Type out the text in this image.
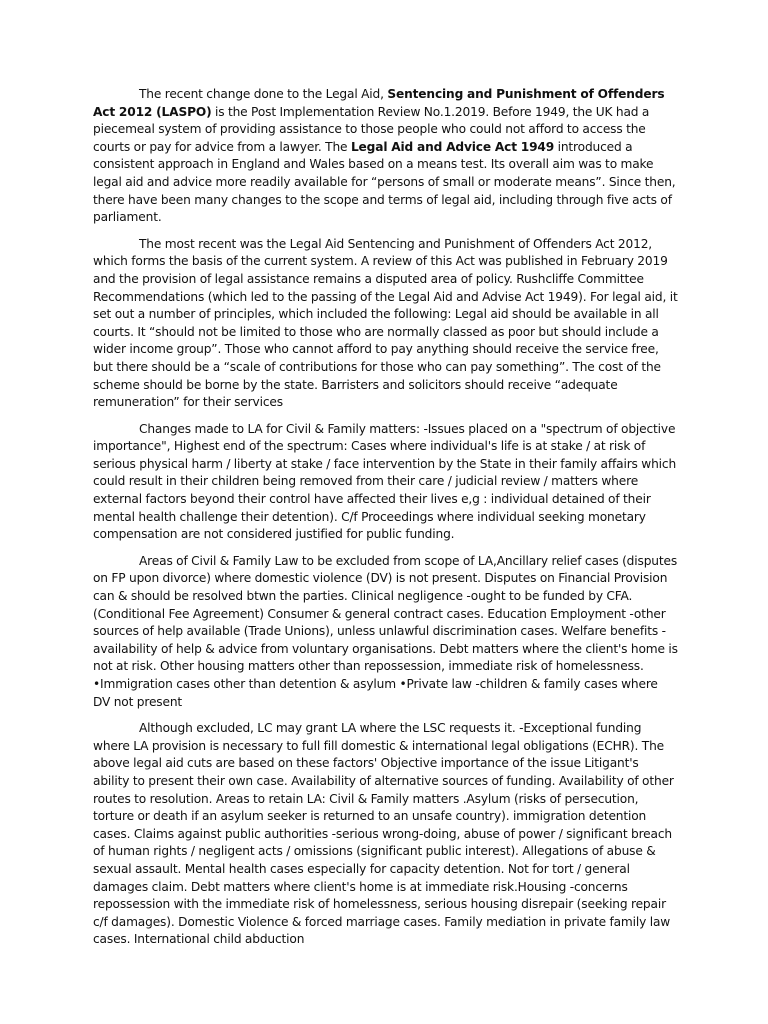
The recent change done to the Legal Aid, Sentencing and Punishment of Offenders Act 2012 (LASPO) is the Post Implementation Review No.1.2019. Before 1949, the UK had a piecemeal system of providing assistance to those people who could not afford to access the courts or pay for advice from a lawyer. The Legal Aid and Advice Act 1949 introduced a consistent approach in England and Wales based on a means test. Its overall aim was to make legal aid and advice more readily available for “persons of small or moderate means”. Since then, there have been many changes to the scope and terms of legal aid, including through five acts of parliament.

The most recent was the Legal Aid Sentencing and Punishment of Offenders Act 2012, which forms the basis of the current system. A review of this Act was published in February 2019 and the provision of legal assistance remains a disputed area of policy. Rushcliffe Committee Recommendations (which led to the passing of the Legal Aid and Advise Act 1949). For legal aid, it set out a number of principles, which included the following: Legal aid should be available in all courts. It “should not be limited to those who are normally classed as poor but should include a wider income group”. Those who cannot afford to pay anything should receive the service free, but there should be a “scale of contributions for those who can pay something”. The cost of the scheme should be borne by the state. Barristers and solicitors should receive “adequate remuneration” for their services

Changes made to LA for Civil & Family matters: -Issues placed on a "spectrum of objective importance", Highest end of the spectrum: Cases where individual's life is at stake / at risk of serious physical harm / liberty at stake / face intervention by the State in their family affairs which could result in their children being removed from their care / judicial review / matters where external factors beyond their control have affected their lives e,g : individual detained of their mental health challenge their detention). C/f Proceedings where individual seeking monetary compensation are not considered justified for public funding.

Areas of Civil & Family Law to be excluded from scope of LA,Ancillary relief cases (disputes on FP upon divorce) where domestic violence (DV) is not present. Disputes on Financial Provision can & should be resolved btwn the parties. Clinical negligence -ought to be funded by CFA. (Conditional Fee Agreement) Consumer & general contract cases. Education Employment -other sources of help available (Trade Unions), unless unlawful discrimination cases. Welfare benefits -availability of help & advice from voluntary organisations. Debt matters where the client's home is not at risk. Other housing matters other than repossession, immediate risk of homelessness. •Immigration cases other than detention & asylum •Private law -children & family cases where DV not present

Although excluded, LC may grant LA where the LSC requests it. -Exceptional funding where LA provision is necessary to full fill domestic & international legal obligations (ECHR). The above legal aid cuts are based on these factors' Objective importance of the issue Litigant's ability to present their own case. Availability of alternative sources of funding. Availability of other routes to resolution. Areas to retain LA: Civil & Family matters .Asylum (risks of persecution, torture or death if an asylum seeker is returned to an unsafe country). immigration detention cases. Claims against public authorities -serious wrong-doing, abuse of power / significant breach of human rights / negligent acts / omissions (significant public interest). Allegations of abuse & sexual assault. Mental health cases especially for capacity detention. Not for tort / general damages claim. Debt matters where client's home is at immediate risk.Housing -concerns repossession with the immediate risk of homelessness, serious housing disrepair (seeking repair c/f damages). Domestic Violence & forced marriage cases. Family mediation in private family law cases. International child abduction
